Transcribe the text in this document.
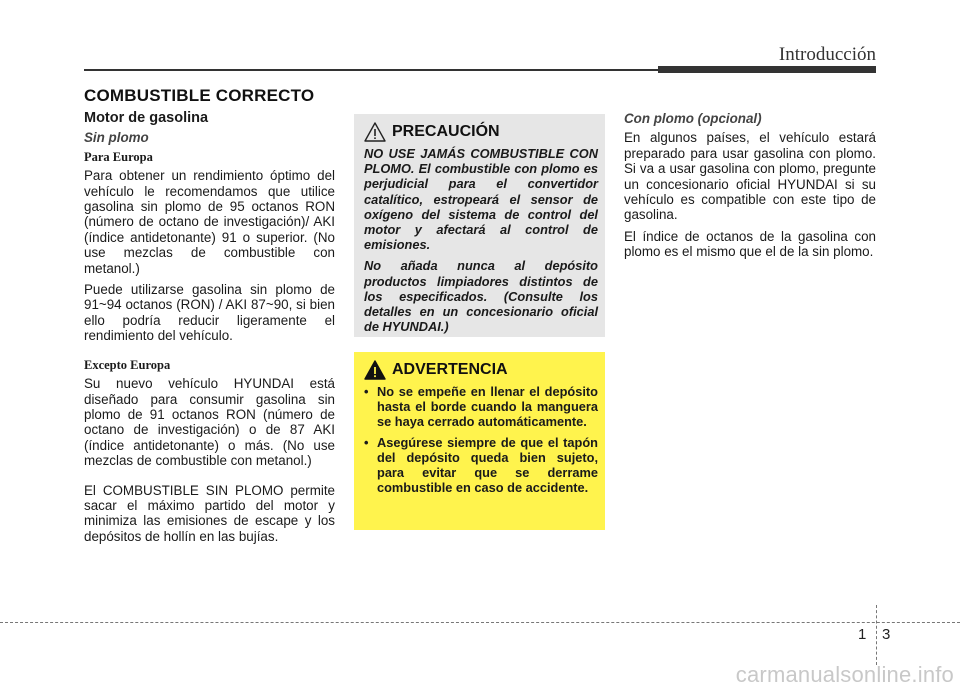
Introducción
COMBUSTIBLE CORRECTO
Motor de gasolina
Sin plomo
Para Europa

Para obtener un rendimiento óptimo del vehículo le recomendamos que utilice gasolina sin plomo de 95 octanos RON (número de octano de investigación)/ AKI (índice antidetonante) 91 o superior. (No use mezclas de combustible con metanol.)

Puede utilizarse gasolina sin plomo de 91~94 octanos (RON) / AKI 87~90, si bien ello podría reducir ligeramente el rendimiento del vehículo.

Excepto Europa

Su nuevo vehículo HYUNDAI está diseñado para consumir gasolina sin plomo de 91 octanos RON (número de octano de investigación) o de 87 AKI (índice antidetonante) o más. (No use mezclas de combustible con metanol.)

El COMBUSTIBLE SIN PLOMO permite sacar el máximo partido del motor y minimiza las emisiones de escape y los depósitos de hollín en las bujías.

PRECAUCIÓN

NO USE JAMÁS COMBUSTIBLE CON PLOMO. El combustible con plomo es perjudicial para el convertidor catalítico, estropeará el sensor de oxígeno del sistema de control del motor y afectará al control de emisiones.

No añada nunca al depósito productos limpiadores distintos de los especificados. (Consulte los detalles en un concesionario oficial de HYUNDAI.)

ADVERTENCIA
• No se empeñe en llenar el depósito hasta el borde cuando la manguera se haya cerrado automáticamente.
• Asegúrese siempre de que el tapón del depósito queda bien sujeto, para evitar que se derrame combustible en caso de accidente.
Con plomo (opcional)

En algunos países, el vehículo estará preparado para usar gasolina con plomo. Si va a usar gasolina con plomo, pregunte un concesionario oficial HYUNDAI si su vehículo es compatible con este tipo de gasolina.

El índice de octanos de la gasolina con plomo es el mismo que el de la sin plomo.

1 3
carmanualsonline.info
